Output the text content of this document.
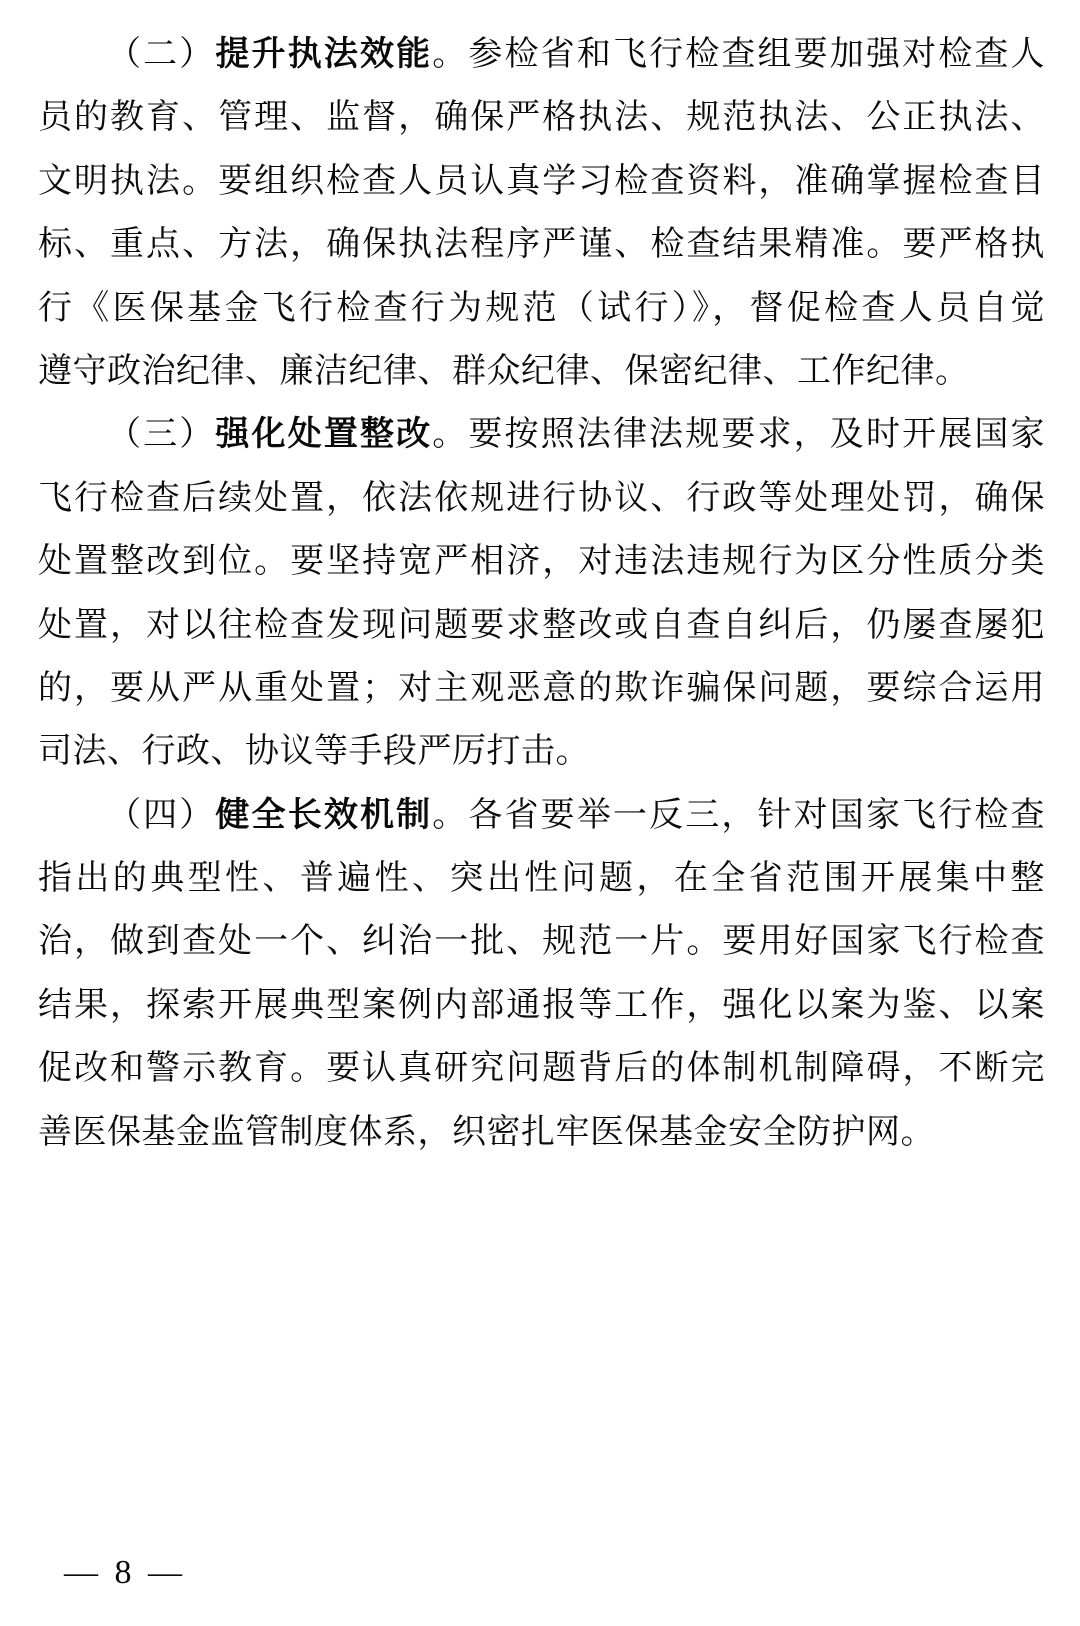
（二）提升执法效能。参检省和飞行检查组要加强对检查人
员的教育、管理、监督，确保严格执法、规范执法、公正执法、
文明执法。要组织检查人员认真学习检查资料，准确掌握检查目
标、重点、方法，确保执法程序严谨、检查结果精准。要严格执
行《医保基金飞行检查行为规范（试行）》，督促检查人员自觉
遵守政治纪律、廉洁纪律、群众纪律、保密纪律、工作纪律。
（三）强化处置整改。要按照法律法规要求，及时开展国家
飞行检查后续处置，依法依规进行协议、行政等处理处罚，确保
处置整改到位。要坚持宽严相济，对违法违规行为区分性质分类
处置，对以往检查发现问题要求整改或自查自纠后，仍屡查屡犯
的，要从严从重处置；对主观恶意的欺诈骗保问题，要综合运用
司法、行政、协议等手段严厉打击。
（四）健全长效机制。各省要举一反三，针对国家飞行检查
指出的典型性、普遍性、突出性问题，在全省范围开展集中整
治，做到查处一个、纠治一批、规范一片。要用好国家飞行检查
结果，探索开展典型案例内部通报等工作，强化以案为鉴、以案
促改和警示教育。要认真研究问题背后的体制机制障碍，不断完
善医保基金监管制度体系，织密扎牢医保基金安全防护网。
— 8 —
